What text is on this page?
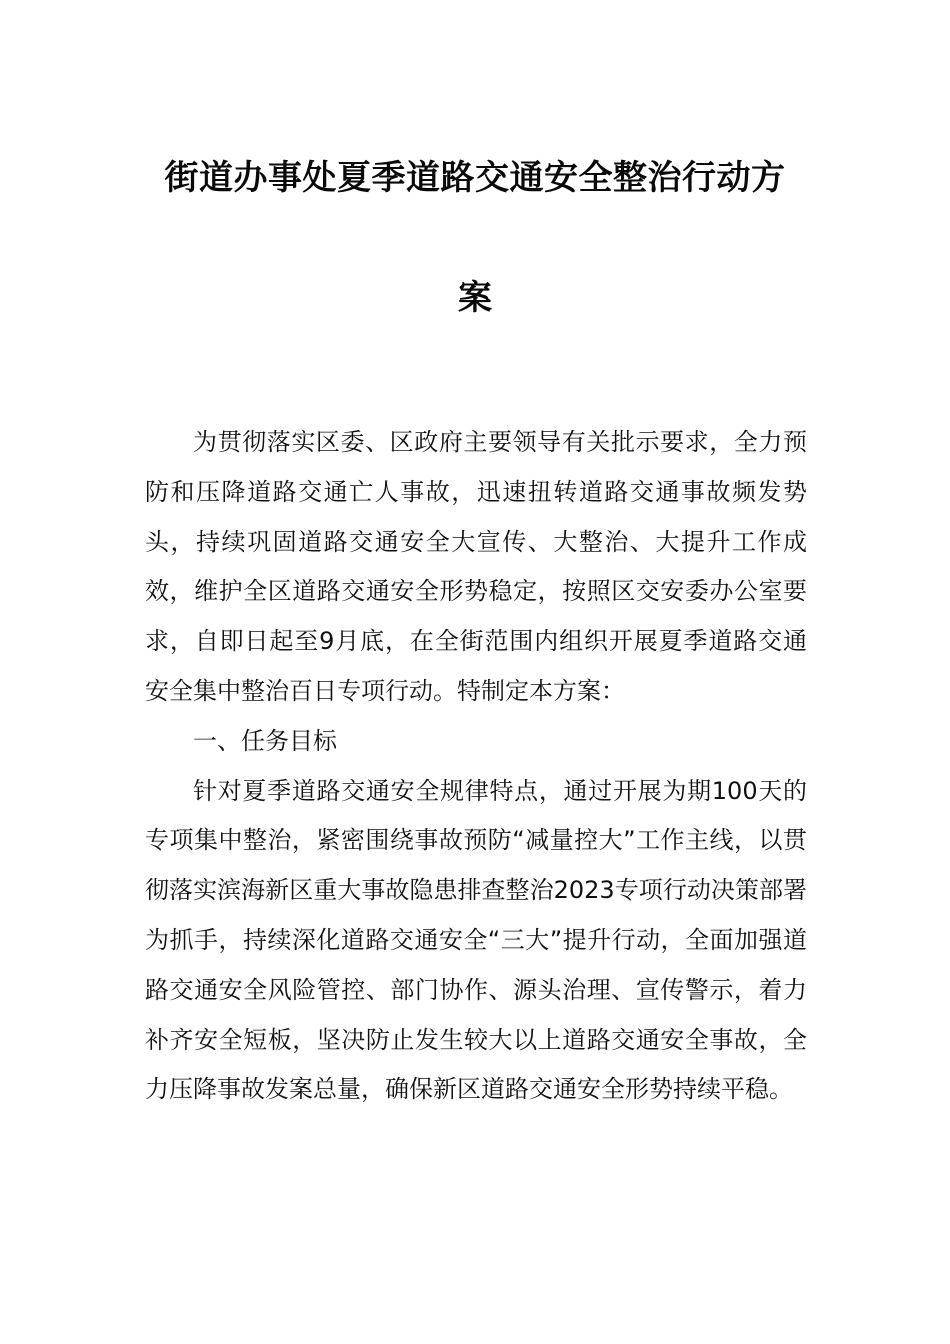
街道办事处夏季道路交通安全整治行动方
案

为贯彻落实区委、区政府主要领导有关批示要求，全力预防和压降道路交通亡人事故，迅速扭转道路交通事故频发势头，持续巩固道路交通安全大宣传、大整治、大提升工作成效，维护全区道路交通安全形势稳定，按照区交安委办公室要求，自即日起至9月底，在全街范围内组织开展夏季道路交通安全集中整治百日专项行动。特制定本方案：

一、任务目标

针对夏季道路交通安全规律特点，通过开展为期100天的专项集中整治，紧密围绕事故预防“减量控大”工作主线，以贯彻落实滨海新区重大事故隐患排查整治2023专项行动决策部署为抓手，持续深化道路交通安全“三大”提升行动，全面加强道路交通安全风险管控、部门协作、源头治理、宣传警示，着力补齐安全短板，坚决防止发生较大以上道路交通安全事故，全力压降事故发案总量，确保新区道路交通安全形势持续平稳。
